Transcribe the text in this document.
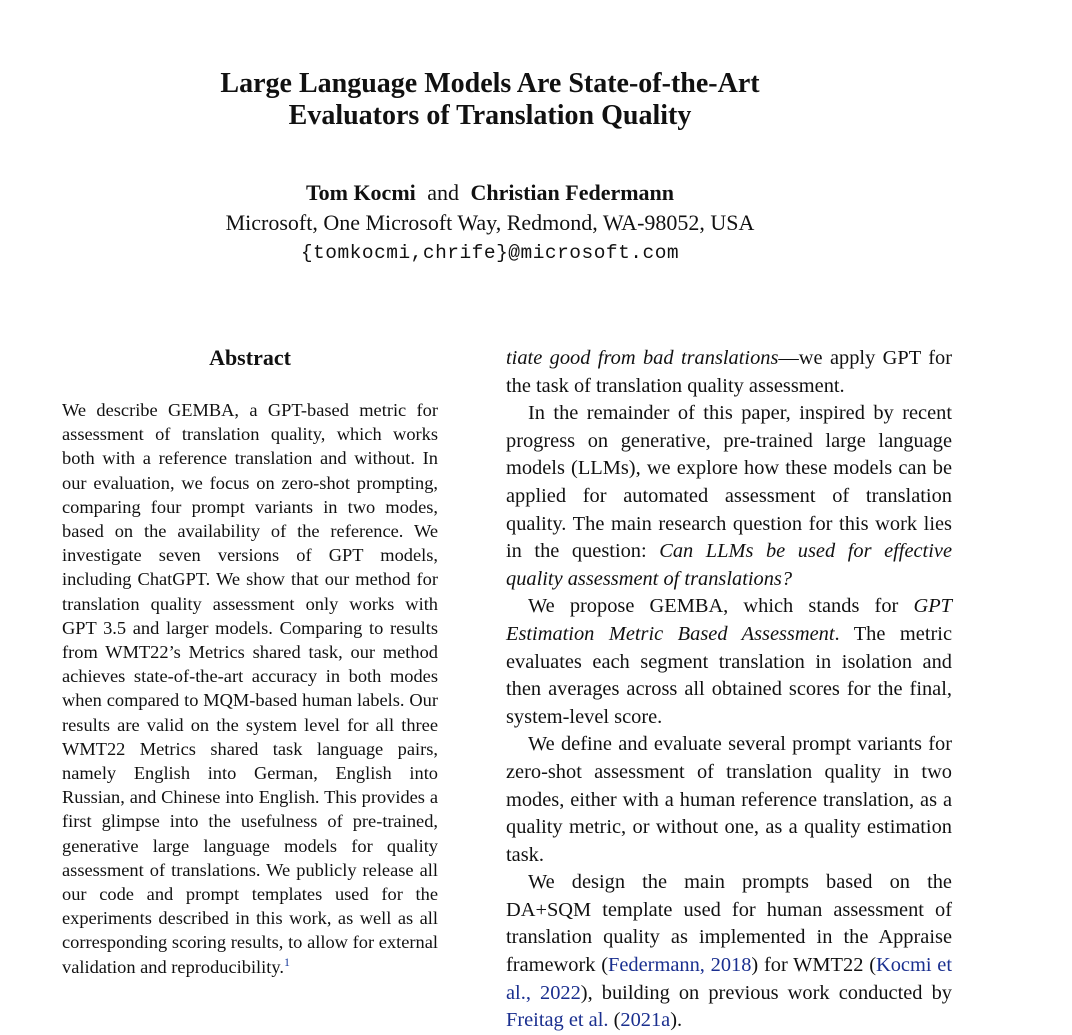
Large Language Models Are State-of-the-Art
Evaluators of Translation Quality
Tom Kocmi and Christian Federmann
Microsoft, One Microsoft Way, Redmond, WA-98052, USA
{tomkocmi,chrife}@microsoft.com
Abstract

We describe GEMBA, a GPT-based metric for assessment of translation quality, which works both with a reference translation and without. In our evaluation, we focus on zero-shot prompting, comparing four prompt variants in two modes, based on the availability of the reference. We investigate seven versions of GPT models, including ChatGPT. We show that our method for translation quality assessment only works with GPT 3.5 and larger models. Comparing to results from WMT22’s Metrics shared task, our method achieves state-of-the-art accuracy in both modes when compared to MQM-based human labels. Our results are valid on the system level for all three WMT22 Metrics shared task language pairs, namely English into German, English into Russian, and Chinese into English. This provides a first glimpse into the usefulness of pre-trained, generative large language models for quality assessment of translations. We publicly release all our code and prompt templates used for the experiments described in this work, as well as all corresponding scoring results, to allow for external validation and reproducibility.$^1$

tiate good from bad translations—we apply GPT for the task of translation quality assessment.

In the remainder of this paper, inspired by recent progress on generative, pre-trained large language models (LLMs), we explore how these models can be applied for automated assessment of translation quality. The main research question for this work lies in the question: Can LLMs be used for effective quality assessment of translations?

We propose GEMBA, which stands for GPT Estimation Metric Based Assessment. The metric evaluates each segment translation in isolation and then averages across all obtained scores for the final, system-level score.

We define and evaluate several prompt variants for zero-shot assessment of translation quality in two modes, either with a human reference translation, as a quality metric, or without one, as a quality estimation task.

We design the main prompts based on the DA+SQM template used for human assessment of translation quality as implemented in the Appraise framework (Federmann, 2018) for WMT22 (Kocmi et al., 2022), building on previous work conducted by Freitag et al. (2021a).
